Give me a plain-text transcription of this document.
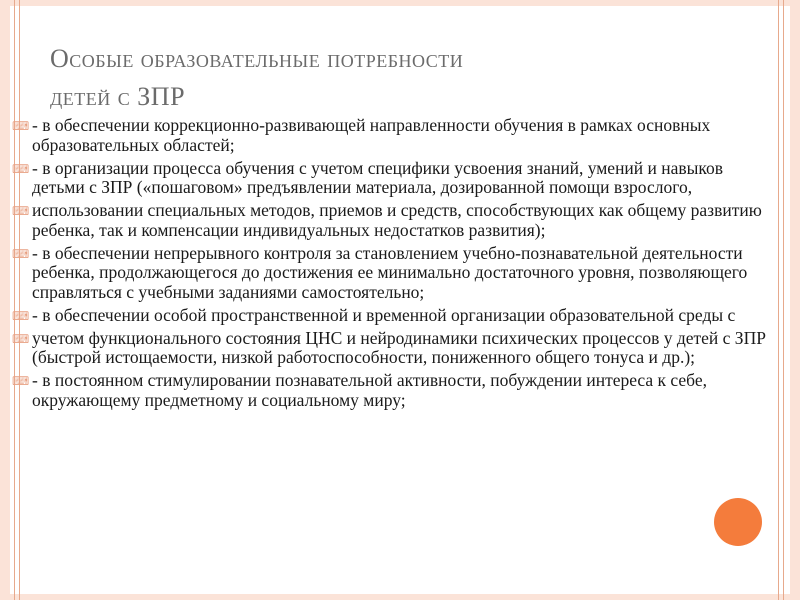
Особые образовательные потребности
детей с ЗПР
⌨ - в обеспечении коррекционно-развивающей направленности обучения в рамках основных образовательных областей;
⌨ - в организации процесса обучения с учетом специфики усвоения знаний, умений и навыков детьми с ЗПР («пошаговом» предъявлении материала, дозированной помощи взрослого,
⌨ использовании специальных методов, приемов и средств, способствующих как общему развитию ребенка, так и компенсации индивидуальных недостатков развития);
⌨ - в обеспечении непрерывного контроля за становлением учебно-познавательной деятельности ребенка, продолжающегося до достижения ее минимально достаточного уровня, позволяющего справляться с учебными заданиями самостоятельно;
⌨ - в обеспечении особой пространственной и временной организации образовательной среды с
⌨ учетом функционального состояния ЦНС и нейродинамики психических процессов у детей с ЗПР (быстрой истощаемости, низкой работоспособности, пониженного общего тонуса и др.);
⌨ - в постоянном стимулировании познавательной активности, побуждении интереса к себе, окружающему предметному и социальному миру;
